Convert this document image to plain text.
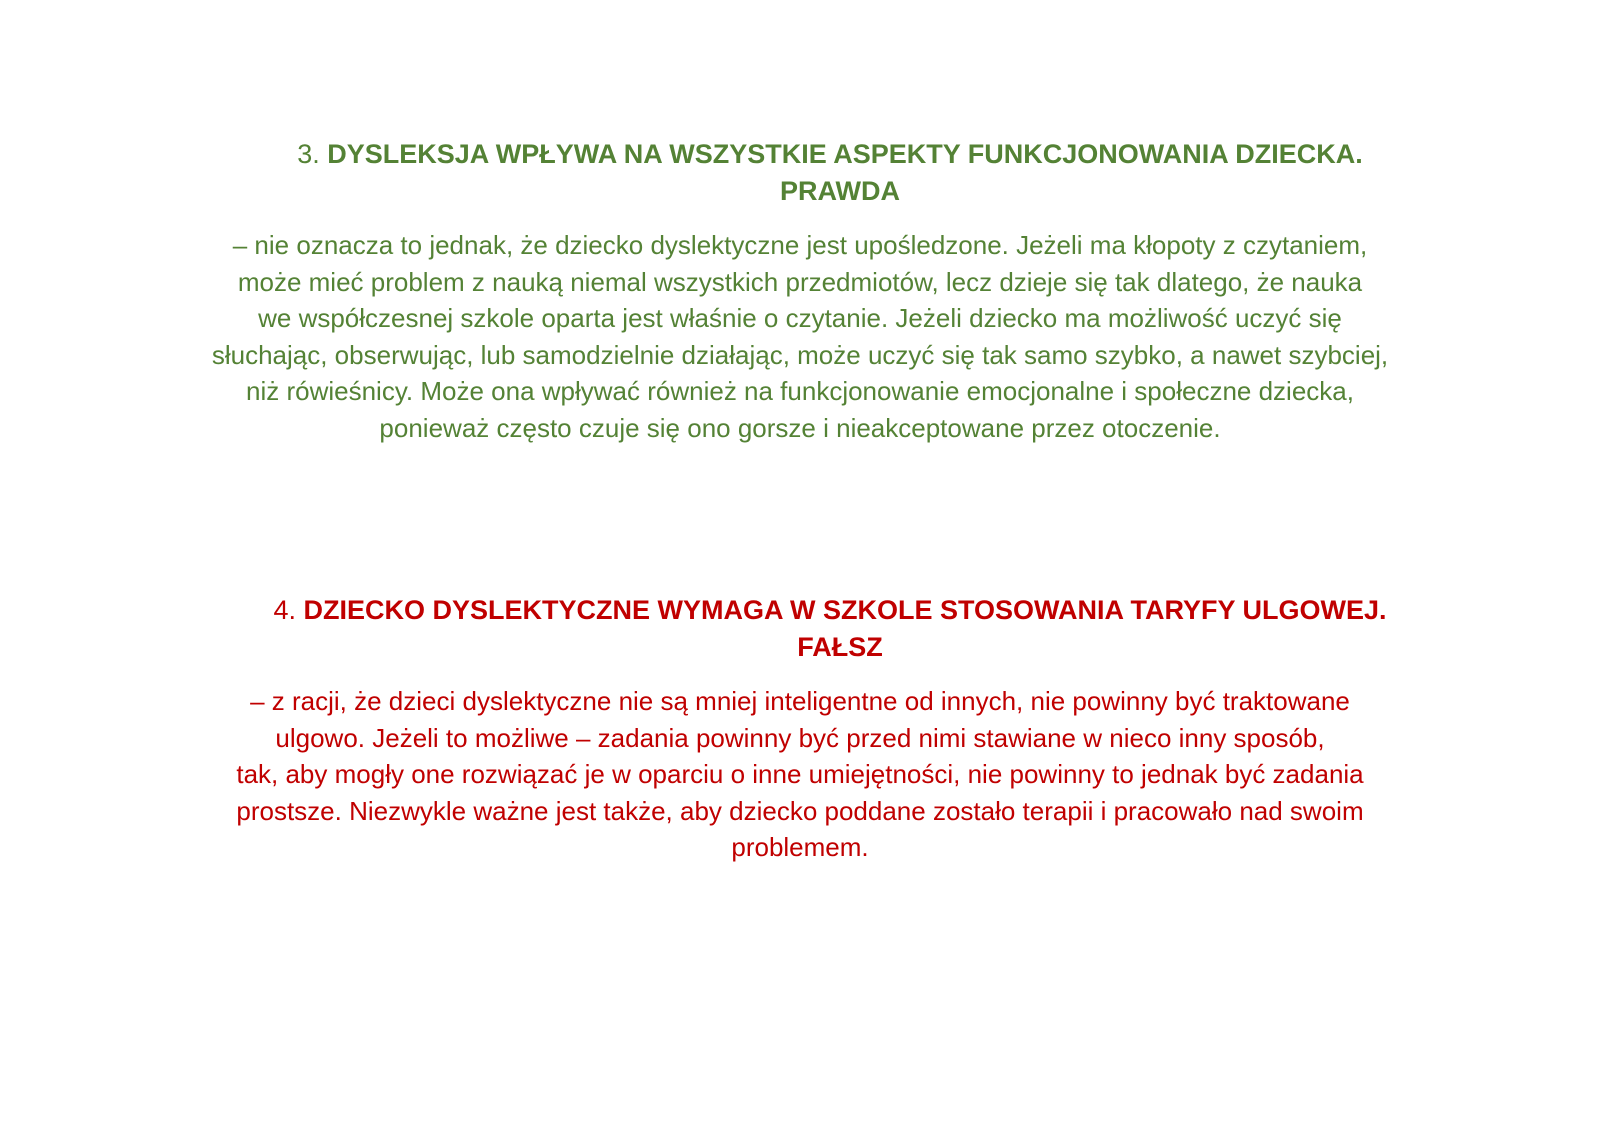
3. DYSLEKSJA WPŁYWA NA WSZYSTKIE ASPEKTY FUNKCJONOWANIA DZIECKA.
PRAWDA

– nie oznacza to jednak, że dziecko dyslektyczne jest upośledzone. Jeżeli ma kłopoty z czytaniem,
może mieć problem z nauką niemal wszystkich przedmiotów, lecz dzieje się tak dlatego, że nauka
we współczesnej szkole oparta jest właśnie o czytanie. Jeżeli dziecko ma możliwość uczyć się
słuchając, obserwując, lub samodzielnie działając, może uczyć się tak samo szybko, a nawet szybciej,
niż rówieśnicy. Może ona wpływać również na funkcjonowanie emocjonalne i społeczne dziecka,
ponieważ często czuje się ono gorsze i nieakceptowane przez otoczenie.

4. DZIECKO DYSLEKTYCZNE WYMAGA W SZKOLE STOSOWANIA TARYFY ULGOWEJ.
FAŁSZ

– z racji, że dzieci dyslektyczne nie są mniej inteligentne od innych, nie powinny być traktowane
ulgowo. Jeżeli to możliwe – zadania powinny być przed nimi stawiane w nieco inny sposób,
tak, aby mogły one rozwiązać je w oparciu o inne umiejętności, nie powinny to jednak być zadania
prostsze. Niezwykle ważne jest także, aby dziecko poddane zostało terapii i pracowało nad swoim
problemem.
